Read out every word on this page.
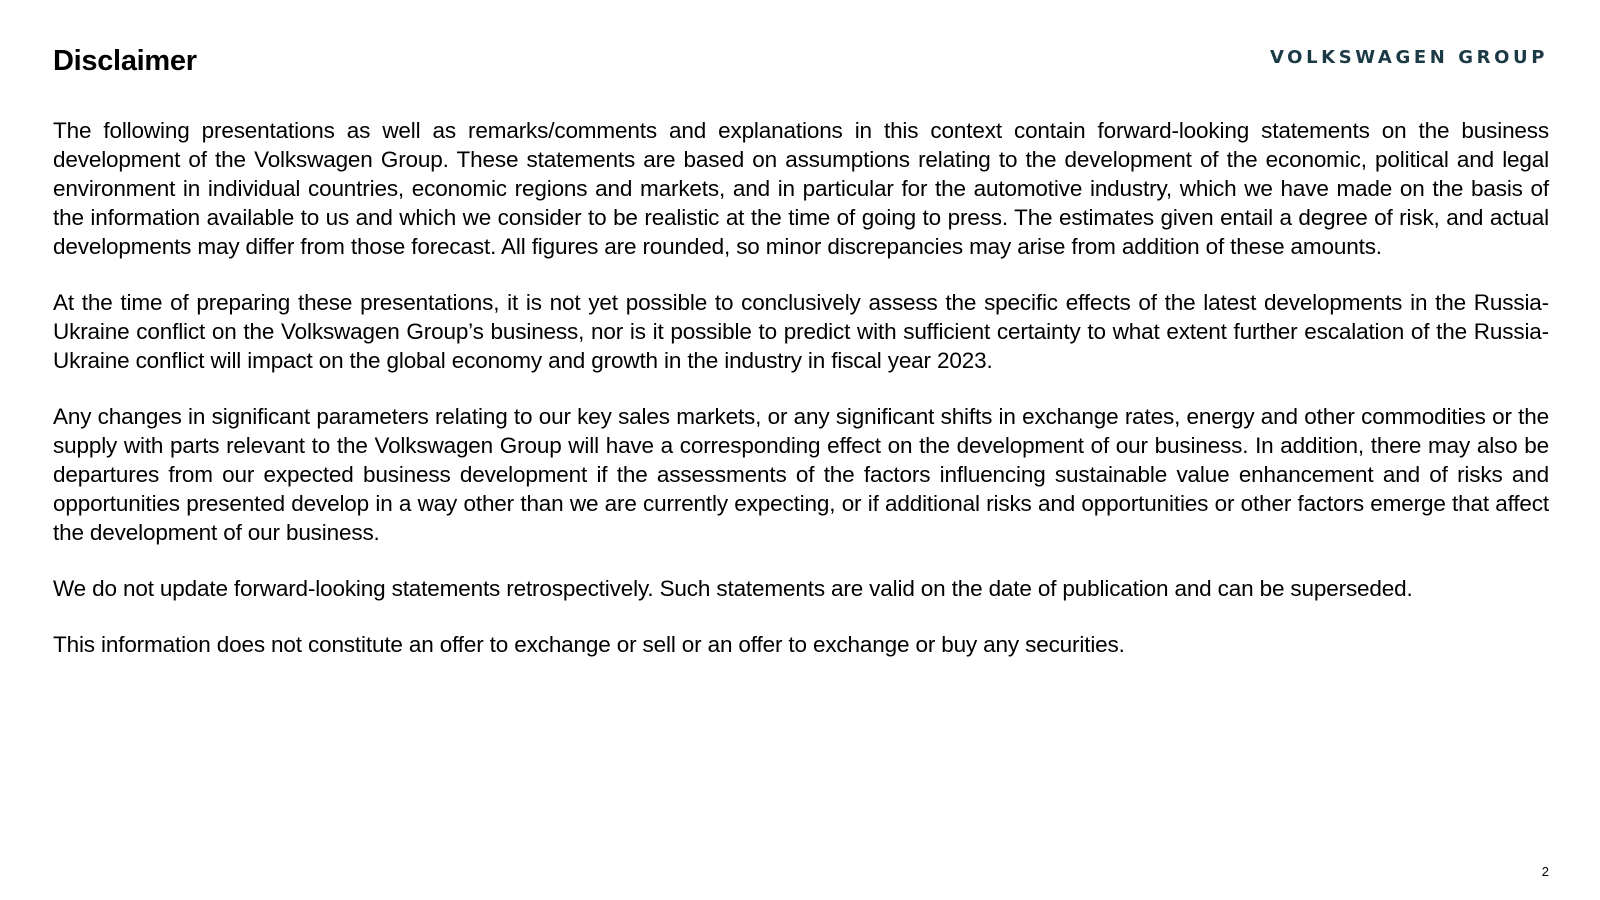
Disclaimer	VOLKSWAGEN GROUP

The following presentations as well as remarks/comments and explanations in this context contain forward-looking statements on the business development of the Volkswagen Group. These statements are based on assumptions relating to the development of the economic, political and legal environment in individual countries, economic regions and markets, and in particular for the automotive industry, which we have made on the basis of the information available to us and which we consider to be realistic at the time of going to press. The estimates given entail a degree of risk, and actual developments may differ from those forecast. All figures are rounded, so minor discrepancies may arise from addition of these amounts.

At the time of preparing these presentations, it is not yet possible to conclusively assess the specific effects of the latest developments in the Russia-Ukraine conflict on the Volkswagen Group’s business, nor is it possible to predict with sufficient certainty to what extent further escalation of the Russia-Ukraine conflict will impact on the global economy and growth in the industry in fiscal year 2023.

Any changes in significant parameters relating to our key sales markets, or any significant shifts in exchange rates, energy and other commodities or the supply with parts relevant to the Volkswagen Group will have a corresponding effect on the development of our business. In addition, there may also be departures from our expected business development if the assessments of the factors influencing sustainable value enhancement and of risks and opportunities presented develop in a way other than we are currently expecting, or if additional risks and opportunities or other factors emerge that affect the development of our business.

We do not update forward-looking statements retrospectively. Such statements are valid on the date of publication and can be superseded.

This information does not constitute an offer to exchange or sell or an offer to exchange or buy any securities.

2
